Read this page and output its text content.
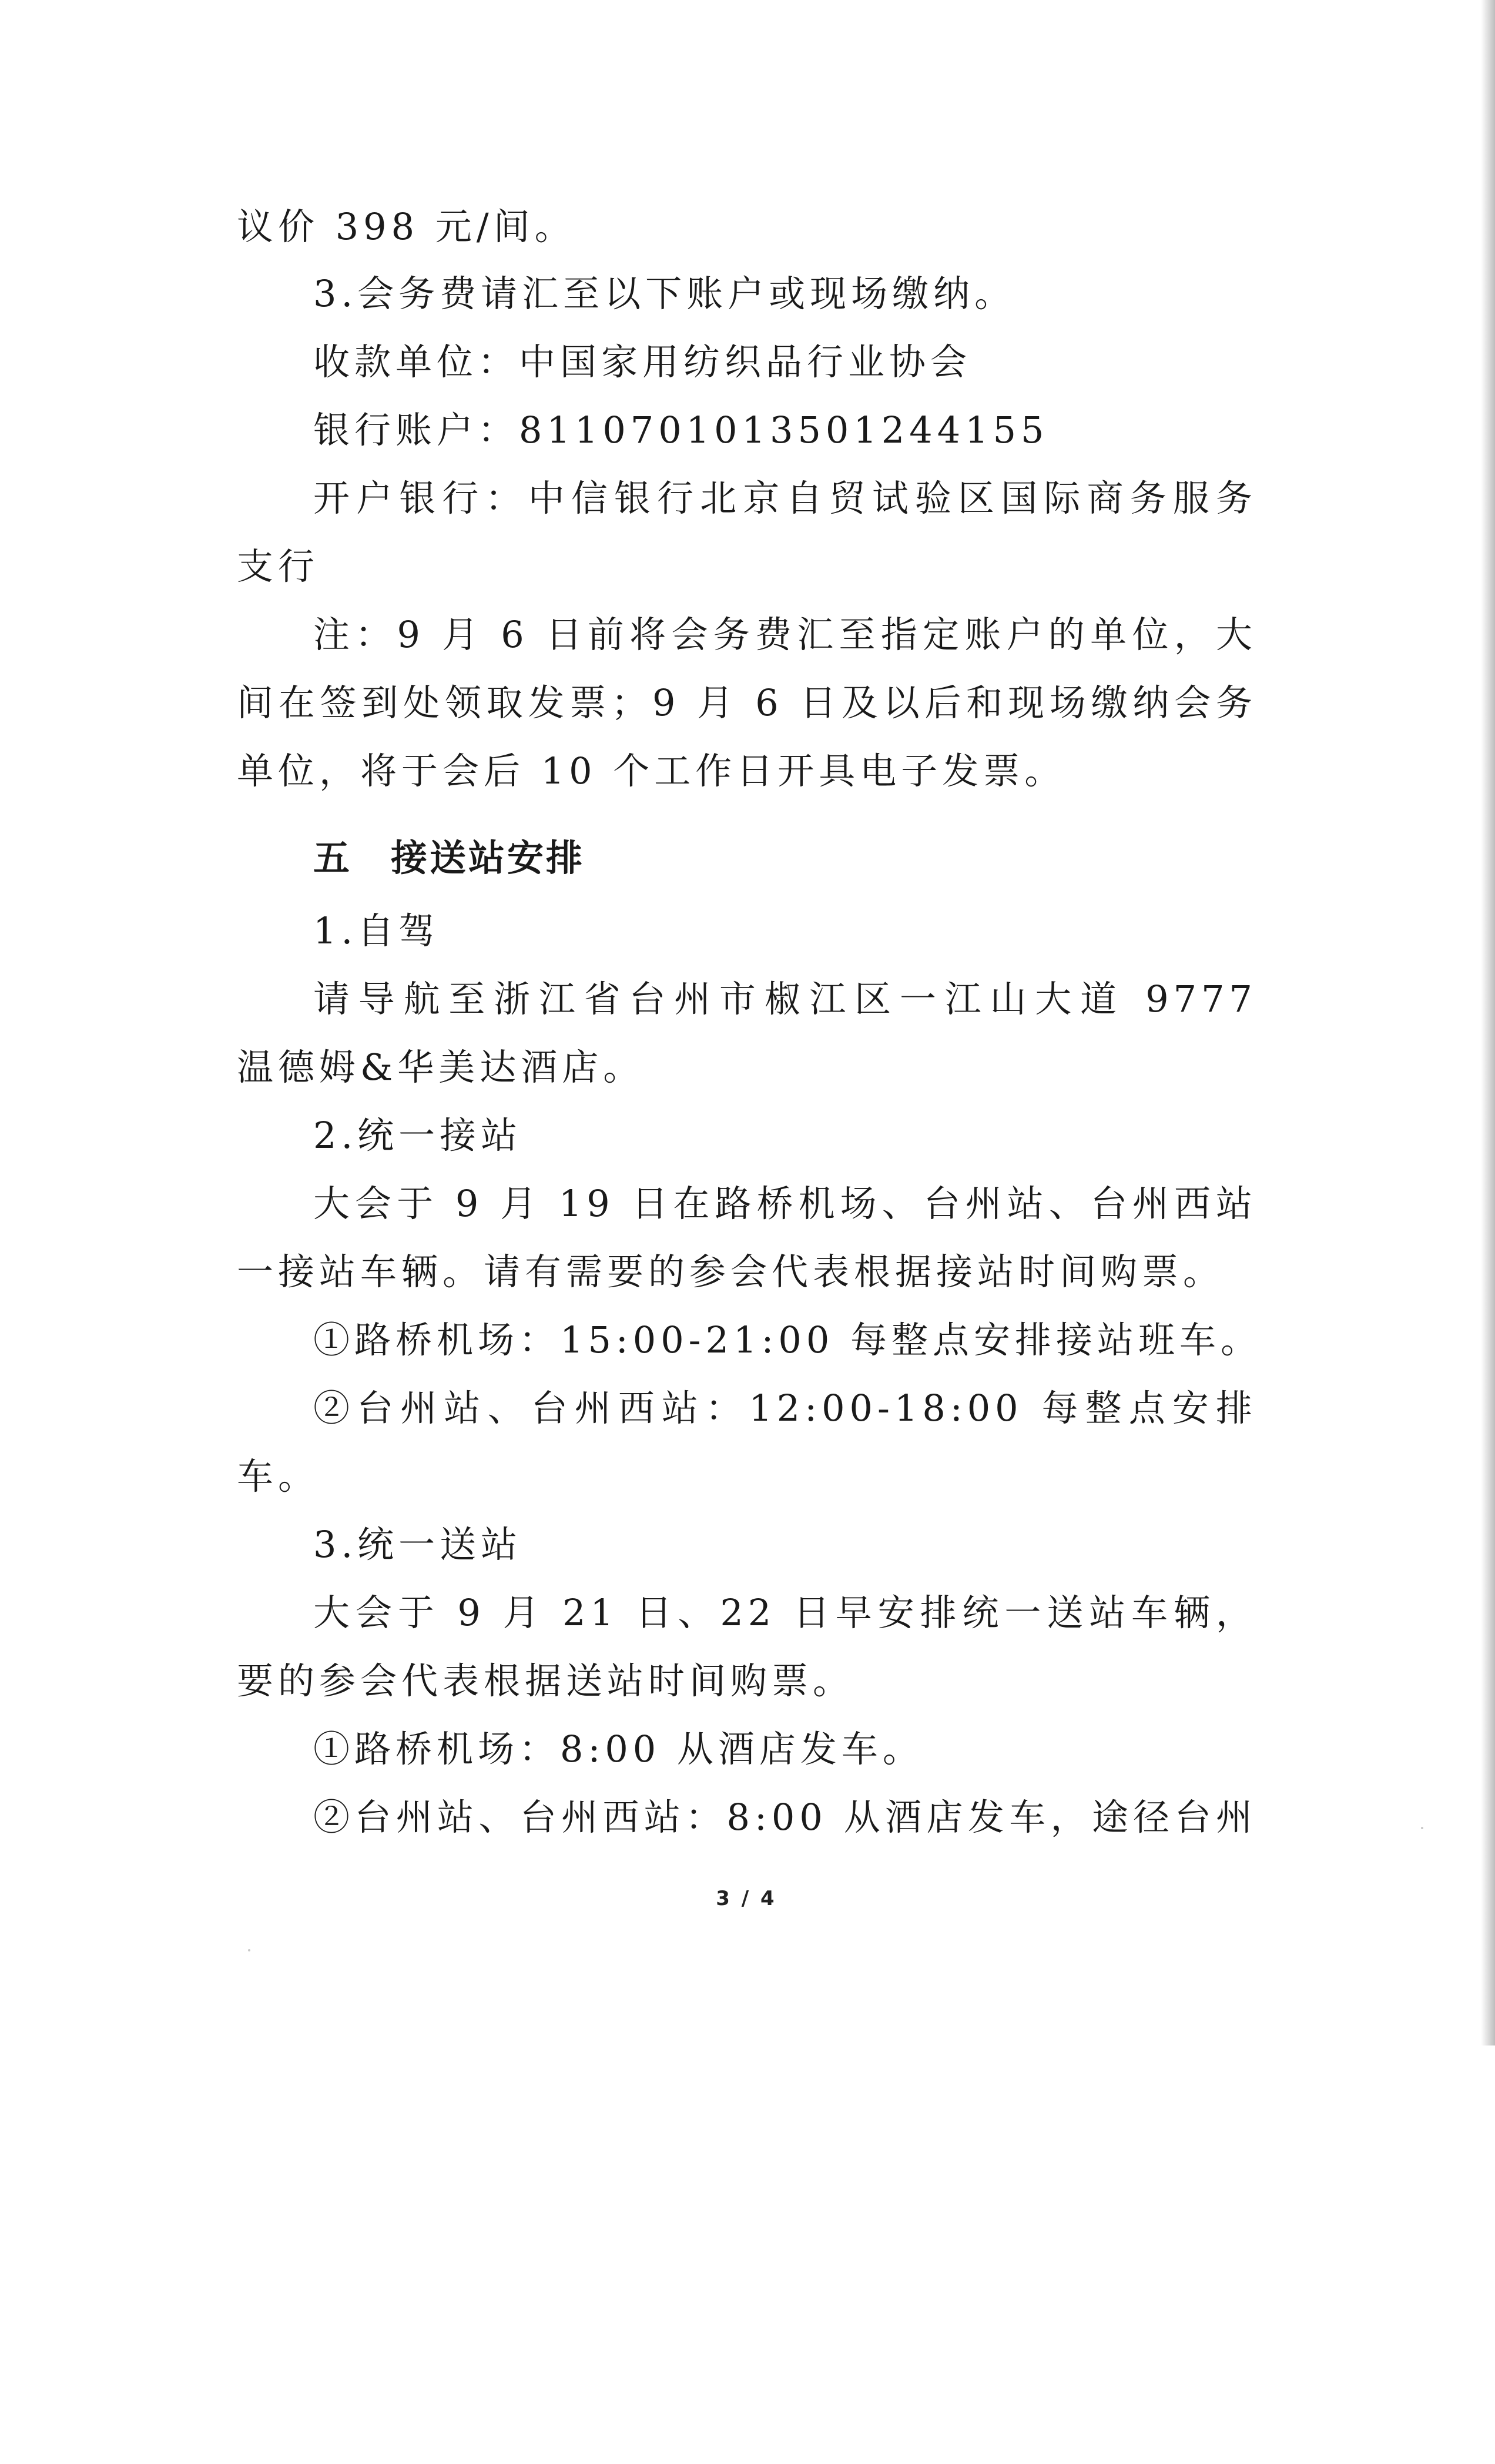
议价 398 元/间。
3.会务费请汇至以下账户或现场缴纳。
收款单位：中国家用纺织品行业协会
银行账户：8110701013501244155
开户银行：中信银行北京自贸试验区国际商务服务
支行
注：9 月 6 日前将会务费汇至指定账户的单位，大
间在签到处领取发票；9 月 6 日及以后和现场缴纳会务
单位，将于会后 10 个工作日开具电子发票。
五　接送站安排
1.自驾
请导航至浙江省台州市椒江区一江山大道 9777
温德姆&华美达酒店。
2.统一接站
大会于 9 月 19 日在路桥机场、台州站、台州西站
一接站车辆。请有需要的参会代表根据接站时间购票。
①路桥机场：15:00-21:00 每整点安排接站班车。
②台州站、台州西站：12:00-18:00 每整点安排
车。
3.统一送站
大会于 9 月 21 日、22 日早安排统一送站车辆，
要的参会代表根据送站时间购票。
①路桥机场：8:00 从酒店发车。
②台州站、台州西站：8:00 从酒店发车，途径台州
3 / 4
